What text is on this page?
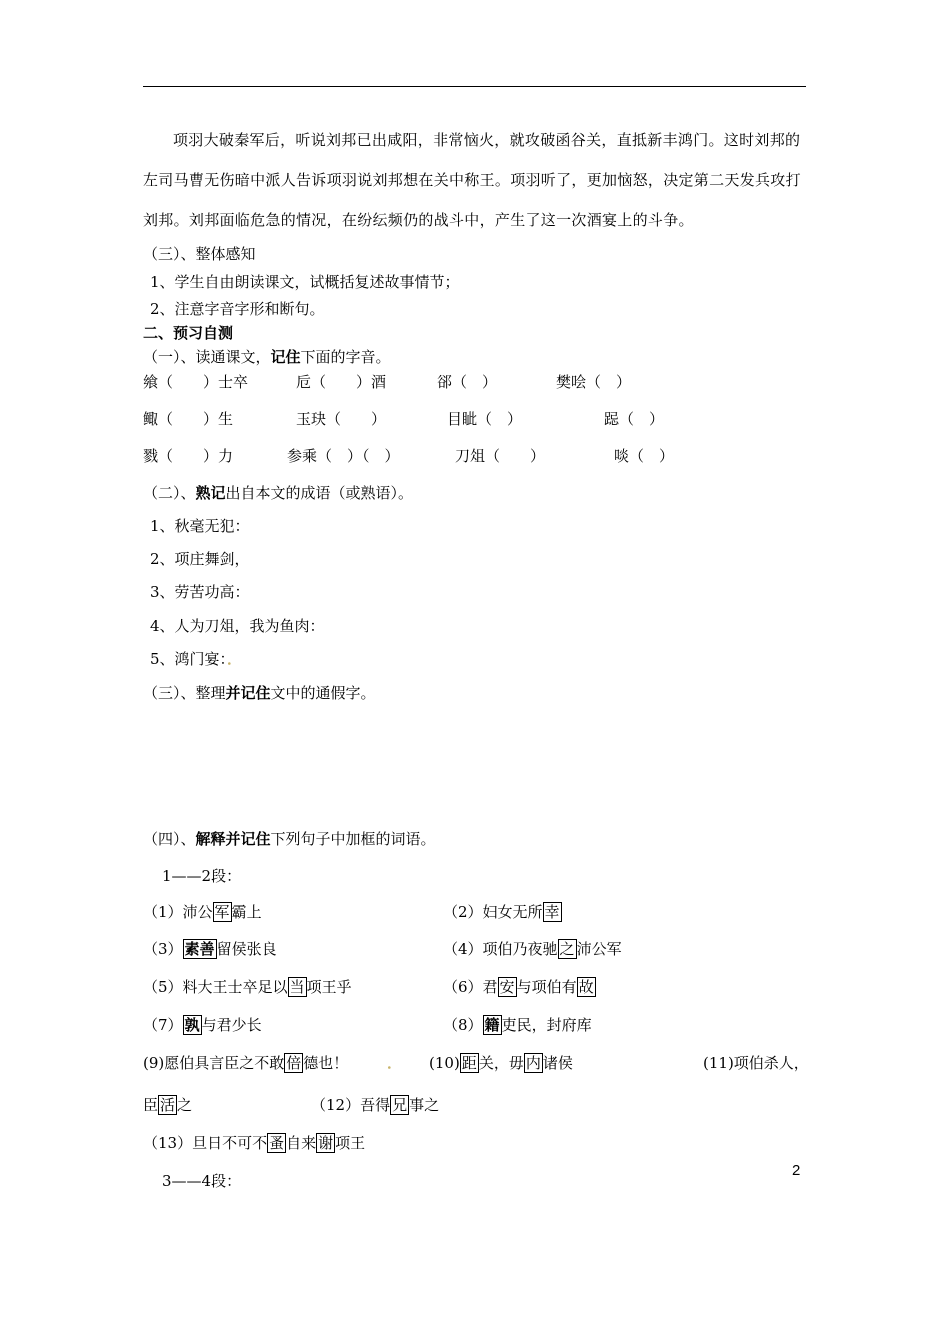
项羽大破秦军后，听说刘邦已出咸阳，非常恼火，就攻破函谷关，直抵新丰鸿门。这时刘邦的左司马曹无伤暗中派人告诉项羽说刘邦想在关中称王。项羽听了，更加恼怒，决定第二天发兵攻打刘邦。刘邦面临危急的情况，在纷纭频仍的战斗中，产生了这一次酒宴上的斗争。
（三）、整体感知
1、学生自由朗读课文，试概括复述故事情节；
2、注意字音字形和断句。
二、预习自测
（一）、读通课文，记住下面的字音。
飨（　　）士卒	卮（　　）酒	郤（　）	樊哙（　）
鲰（　　）生	玉玦（　　）	目眦（　）	跽（　）
戮（　　）力	参乘（　）（　）	刀俎（　　）	啖（　）
（二）、熟记出自本文的成语（或熟语）。
1、秋毫无犯：
2、项庄舞剑，
3、劳苦功高：
4、人为刀俎，我为鱼肉：
5、鸿门宴：．
（三）、整理并记住文中的通假字。
（四）、解释并记住下列句子中加框的词语。
1——2段：
（1）沛公 军 霸上	（2）妇女无所 幸
（3） 素善 留侯张良	（4）项伯乃夜驰 之 沛公军
（5）料大王士卒足以 当 项王乎	（6）君 安 与项伯有 故
（7） 孰 与君少长	（8） 籍 吏民，封府库
(9)愿伯具言臣之不敢 倍 德也！	． (10) 距 关，毋 内 诸侯	(11)项伯杀人，
臣 活 之	（12）吾得 兄 事之
（13）旦日不可不 蚤 自来 谢 项王
3——4段：
2
